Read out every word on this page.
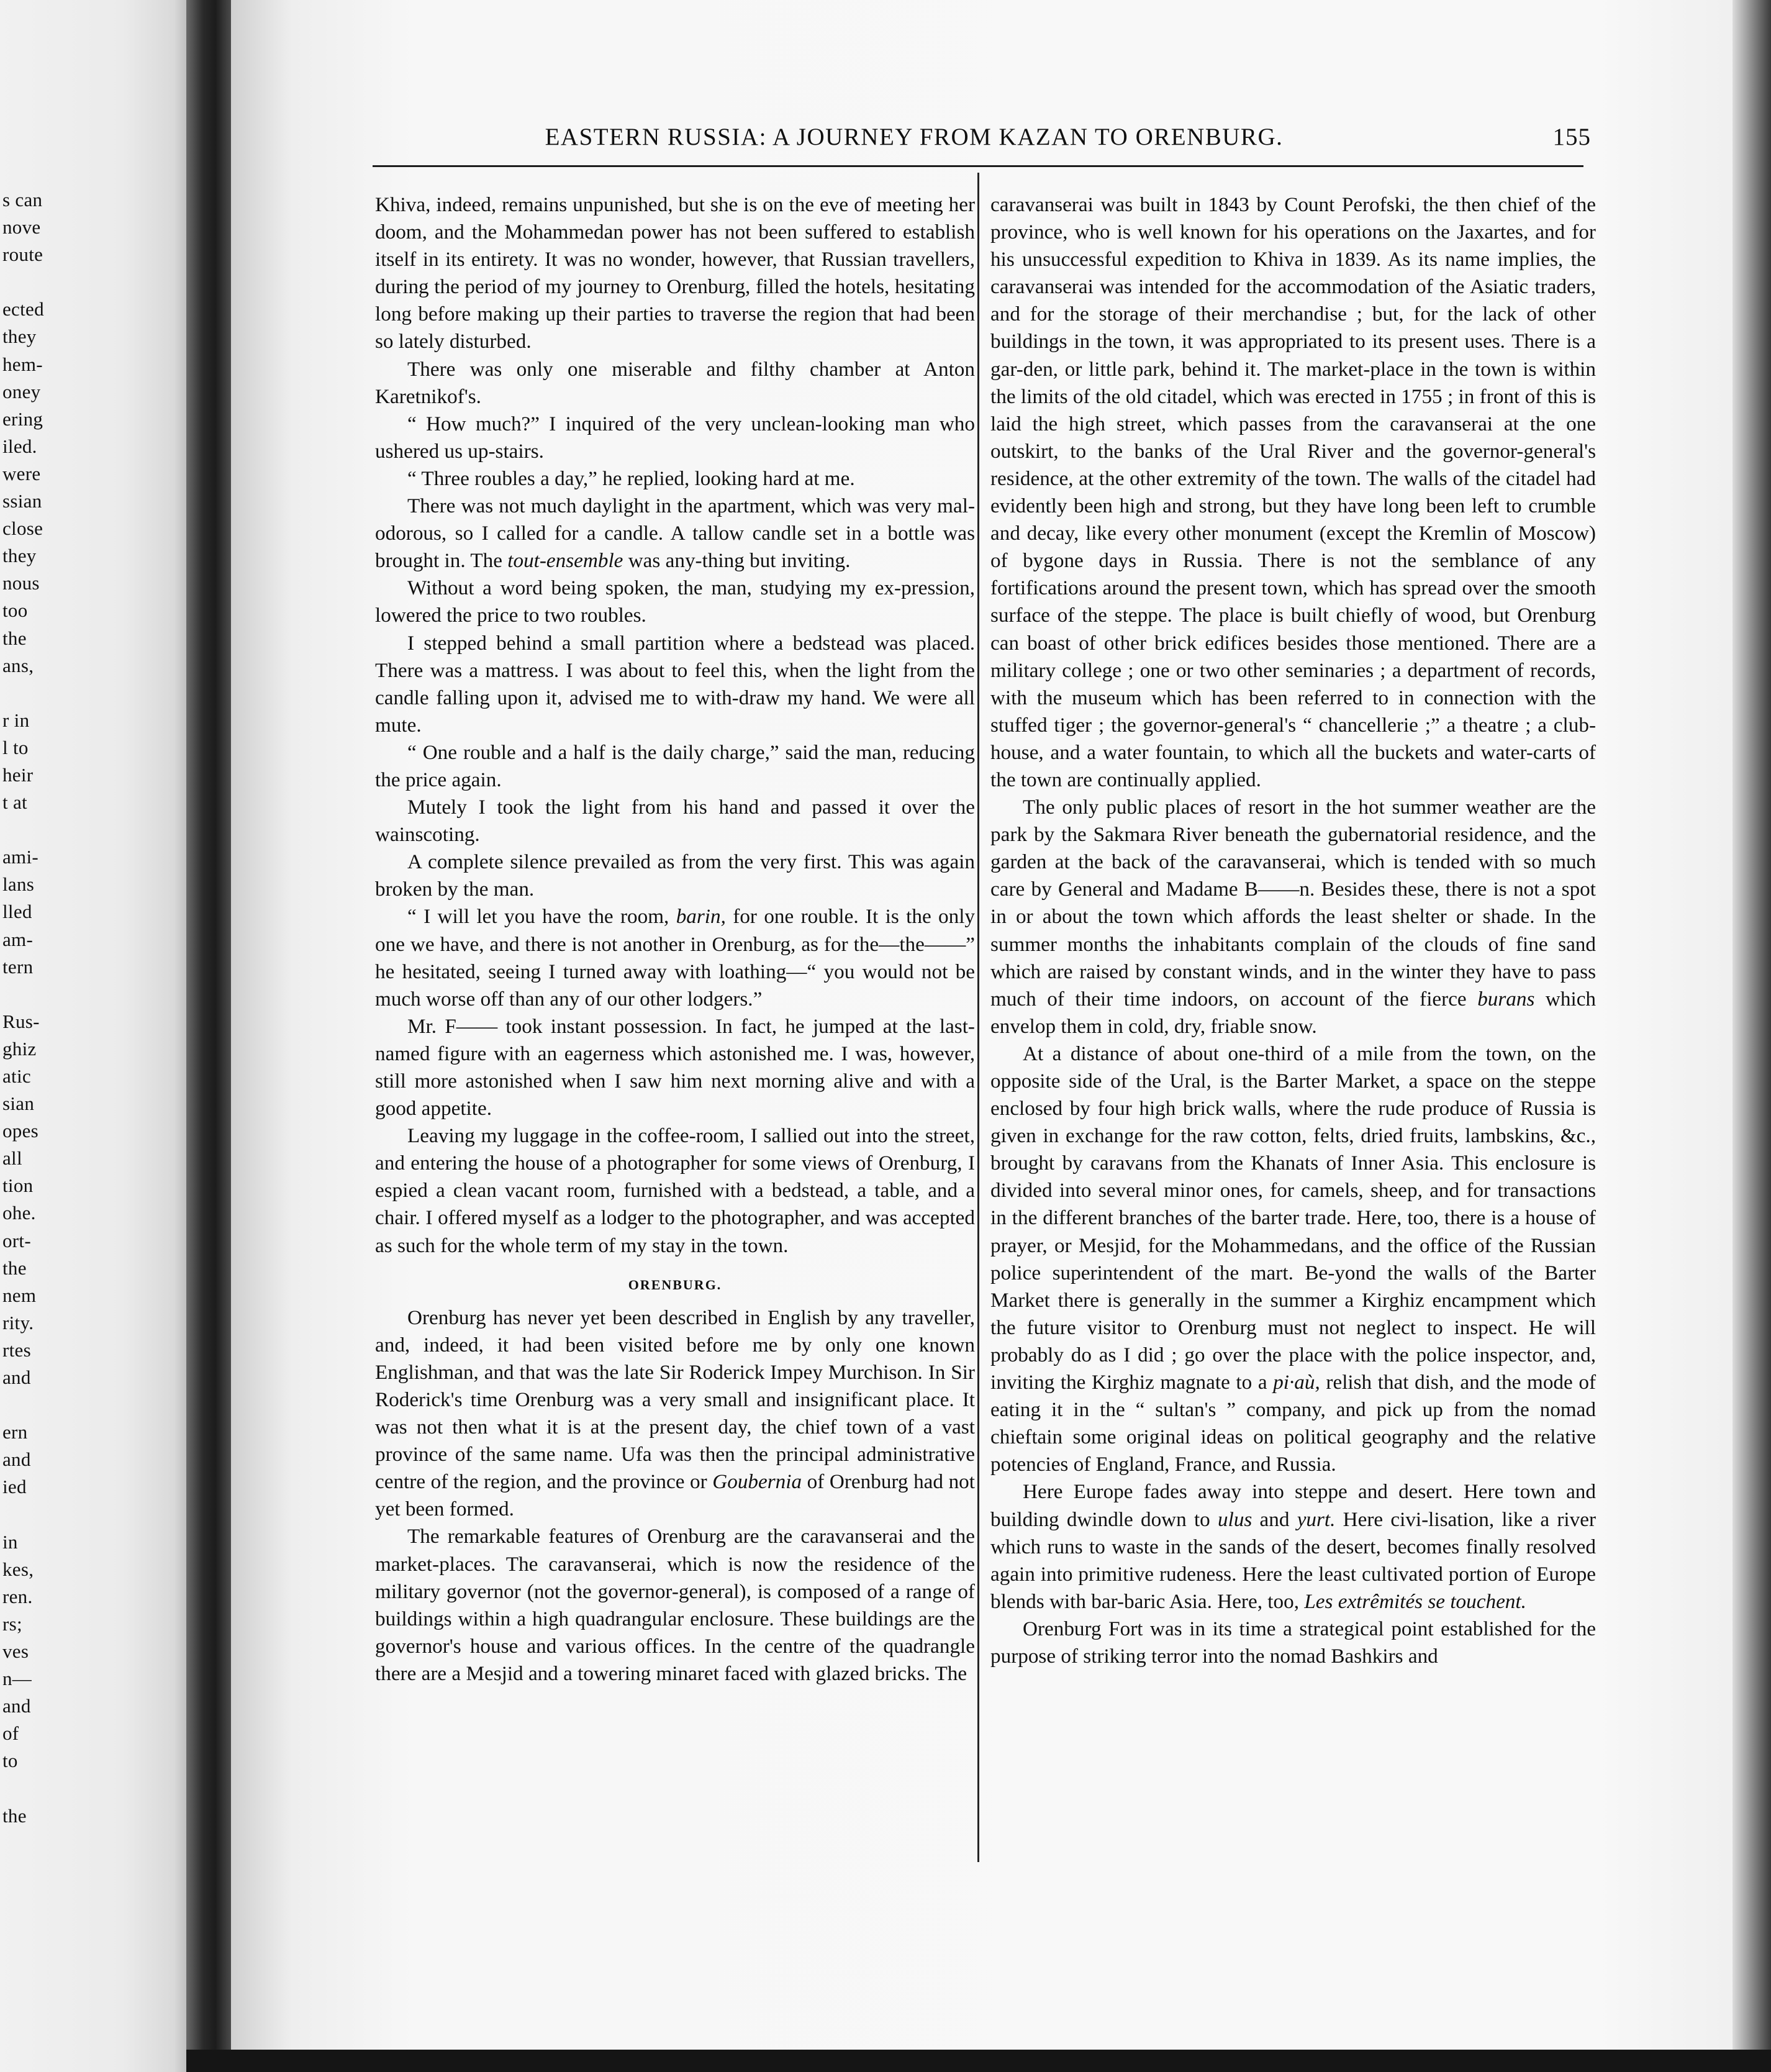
s can
nove
route

ected
they
hem-
oney
ering
iled.
were
ssian
close
they
nous
too
the
ans,

r in
l to
heir
t at

ami-
lans
lled
am-
tern

Rus-
ghiz
atic
sian
opes
all
tion
ohe.
ort-
the
nem
rity.
rtes
and

ern
and
ied

in
kes,
ren.
rs;
ves
n—
and
of
to

the
EASTERN RUSSIA: A JOURNEY FROM KAZAN TO ORENBURG.	155

Khiva, indeed, remains unpunished, but she is on the eve of meeting her doom, and the Mohammedan power has not been suffered to establish itself in its entirety. It was no wonder, however, that Russian travellers, during the period of my journey to Orenburg, filled the hotels, hesitating long before making up their parties to traverse the region that had been so lately disturbed.

There was only one miserable and filthy chamber at Anton Karetnikof's.

“ How much?” I inquired of the very unclean-looking man who ushered us up-stairs.

“ Three roubles a day,” he replied, looking hard at me.

There was not much daylight in the apartment, which was very mal-odorous, so I called for a candle. A tallow candle set in a bottle was brought in. The tout-ensemble was any-thing but inviting.

Without a word being spoken, the man, studying my ex-pression, lowered the price to two roubles.

I stepped behind a small partition where a bedstead was placed. There was a mattress. I was about to feel this, when the light from the candle falling upon it, advised me to with-draw my hand. We were all mute.

“ One rouble and a half is the daily charge,” said the man, reducing the price again.

Mutely I took the light from his hand and passed it over the wainscoting.

A complete silence prevailed as from the very first. This was again broken by the man.

“ I will let you have the room, barin, for one rouble. It is the only one we have, and there is not another in Orenburg, as for the—the——” he hesitated, seeing I turned away with loathing—“ you would not be much worse off than any of our other lodgers.”

Mr. F—— took instant possession. In fact, he jumped at the last-named figure with an eagerness which astonished me. I was, however, still more astonished when I saw him next morning alive and with a good appetite.

Leaving my luggage in the coffee-room, I sallied out into the street, and entering the house of a photographer for some views of Orenburg, I espied a clean vacant room, furnished with a bedstead, a table, and a chair. I offered myself as a lodger to the photographer, and was accepted as such for the whole term of my stay in the town.

ORENBURG.

Orenburg has never yet been described in English by any traveller, and, indeed, it had been visited before me by only one known Englishman, and that was the late Sir Roderick Impey Murchison. In Sir Roderick's time Orenburg was a very small and insignificant place. It was not then what it is at the present day, the chief town of a vast province of the same name. Ufa was then the principal administrative centre of the region, and the province or Goubernia of Orenburg had not yet been formed.

The remarkable features of Orenburg are the caravanserai and the market-places. The caravanserai, which is now the residence of the military governor (not the governor-general), is composed of a range of buildings within a high quadrangular enclosure. These buildings are the governor's house and various offices. In the centre of the quadrangle there are a Mesjid and a towering minaret faced with glazed bricks. The

caravanserai was built in 1843 by Count Perofski, the then chief of the province, who is well known for his operations on the Jaxartes, and for his unsuccessful expedition to Khiva in 1839. As its name implies, the caravanserai was intended for the accommodation of the Asiatic traders, and for the storage of their merchandise ; but, for the lack of other buildings in the town, it was appropriated to its present uses. There is a gar-den, or little park, behind it. The market-place in the town is within the limits of the old citadel, which was erected in 1755 ; in front of this is laid the high street, which passes from the caravanserai at the one outskirt, to the banks of the Ural River and the governor-general's residence, at the other extremity of the town. The walls of the citadel had evidently been high and strong, but they have long been left to crumble and decay, like every other monument (except the Kremlin of Moscow) of bygone days in Russia. There is not the semblance of any fortifications around the present town, which has spread over the smooth surface of the steppe. The place is built chiefly of wood, but Orenburg can boast of other brick edifices besides those mentioned. There are a military college ; one or two other seminaries ; a department of records, with the museum which has been referred to in connection with the stuffed tiger ; the governor-general's “ chancellerie ;” a theatre ; a club-house, and a water fountain, to which all the buckets and water-carts of the town are continually applied.

The only public places of resort in the hot summer weather are the park by the Sakmara River beneath the gubernatorial residence, and the garden at the back of the caravanserai, which is tended with so much care by General and Madame B——n. Besides these, there is not a spot in or about the town which affords the least shelter or shade. In the summer months the inhabitants complain of the clouds of fine sand which are raised by constant winds, and in the winter they have to pass much of their time indoors, on account of the fierce burans which envelop them in cold, dry, friable snow.

At a distance of about one-third of a mile from the town, on the opposite side of the Ural, is the Barter Market, a space on the steppe enclosed by four high brick walls, where the rude produce of Russia is given in exchange for the raw cotton, felts, dried fruits, lambskins, &c., brought by caravans from the Khanats of Inner Asia. This enclosure is divided into several minor ones, for camels, sheep, and for transactions in the different branches of the barter trade. Here, too, there is a house of prayer, or Mesjid, for the Mohammedans, and the office of the Russian police superintendent of the mart. Be-yond the walls of the Barter Market there is generally in the summer a Kirghiz encampment which the future visitor to Orenburg must not neglect to inspect. He will probably do as I did ; go over the place with the police inspector, and, inviting the Kirghiz magnate to a pi·aù, relish that dish, and the mode of eating it in the “ sultan's ” company, and pick up from the nomad chieftain some original ideas on political geography and the relative potencies of England, France, and Russia.

Here Europe fades away into steppe and desert. Here town and building dwindle down to ulus and yurt. Here civi-lisation, like a river which runs to waste in the sands of the desert, becomes finally resolved again into primitive rudeness. Here the least cultivated portion of Europe blends with bar-baric Asia. Here, too, Les extrêmités se touchent.

Orenburg Fort was in its time a strategical point established for the purpose of striking terror into the nomad Bashkirs and
